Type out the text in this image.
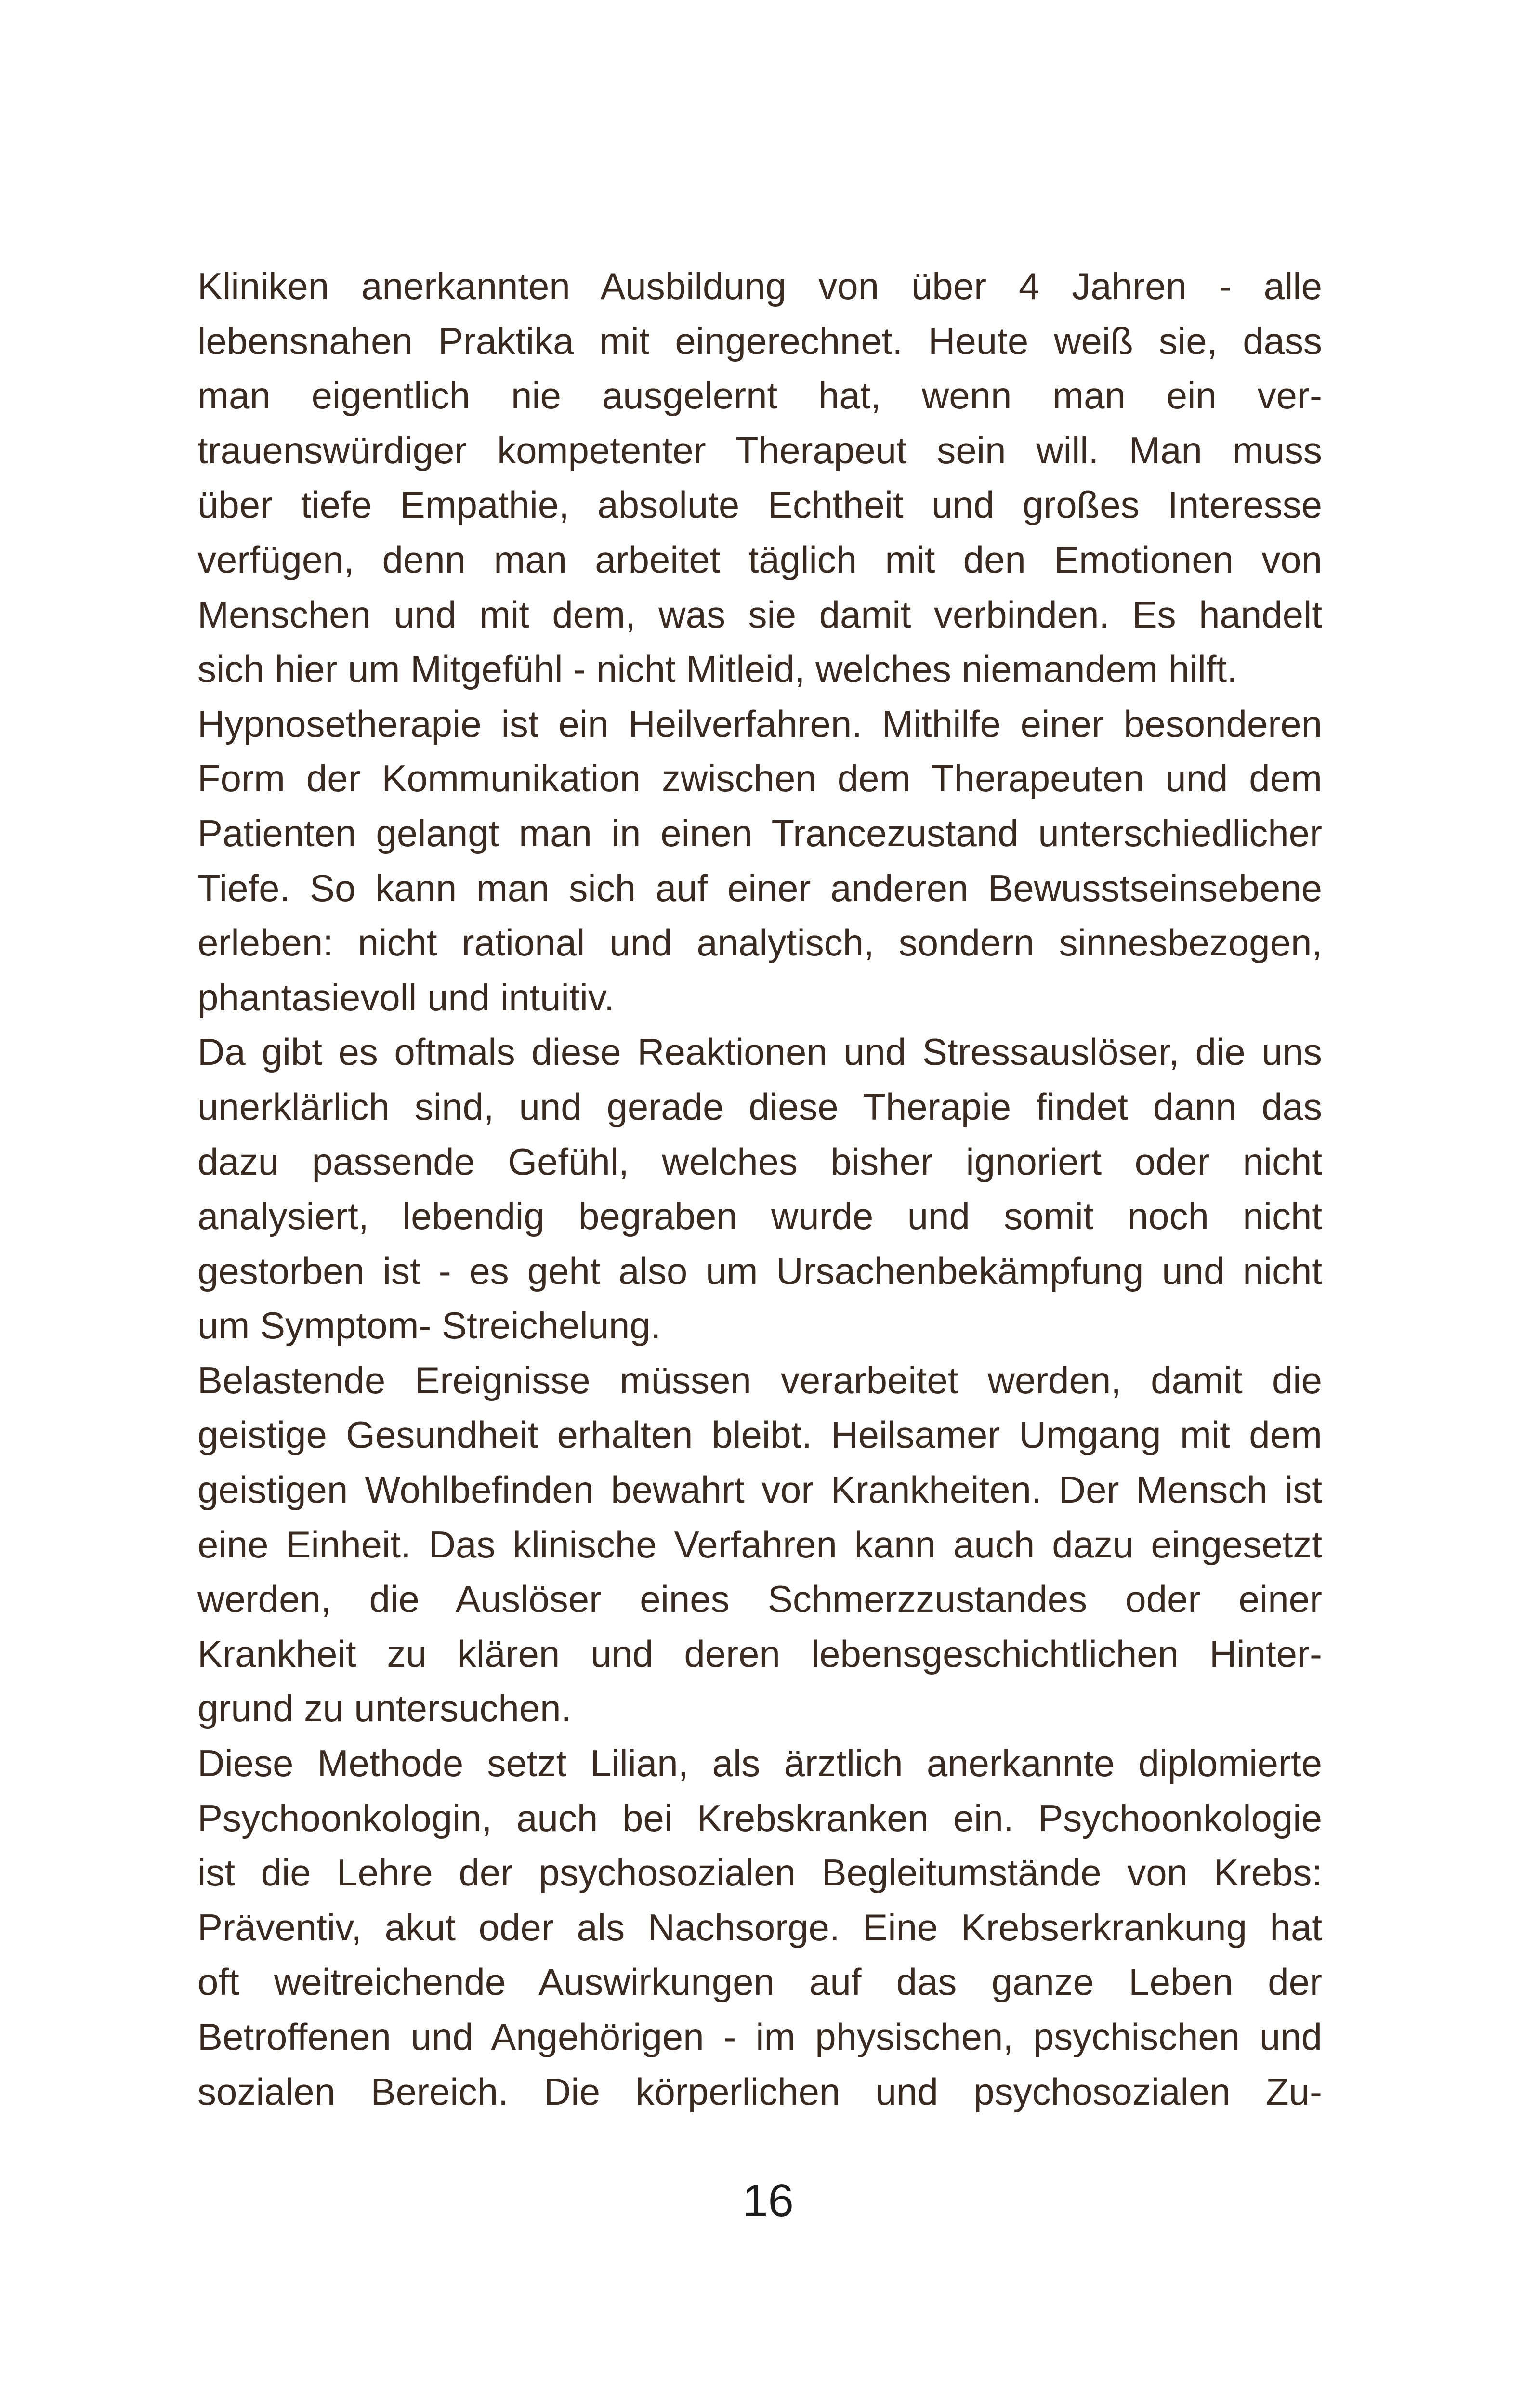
Kliniken anerkannten Ausbildung von über 4 Jahren - alle
lebensnahen Praktika mit eingerechnet. Heute weiß sie, dass
man eigentlich nie ausgelernt hat, wenn man ein ver-
trauenswürdiger kompetenter Therapeut sein will. Man muss
über tiefe Empathie, absolute Echtheit und großes Interesse
verfügen, denn man arbeitet täglich mit den Emotionen von
Menschen und mit dem, was sie damit verbinden. Es handelt
sich hier um Mitgefühl - nicht Mitleid, welches niemandem hilft.
Hypnosetherapie ist ein Heilverfahren. Mithilfe einer besonderen
Form der Kommunikation zwischen dem Therapeuten und dem
Patienten gelangt man in einen Trancezustand unterschiedlicher
Tiefe. So kann man sich auf einer anderen Bewusstseinsebene
erleben: nicht rational und analytisch, sondern sinnesbezogen,
phantasievoll und intuitiv.
Da gibt es oftmals diese Reaktionen und Stressauslöser, die uns
unerklärlich sind, und gerade diese Therapie findet dann das
dazu passende Gefühl, welches bisher ignoriert oder nicht
analysiert, lebendig begraben wurde und somit noch nicht
gestorben ist - es geht also um Ursachenbekämpfung und nicht
um Symptom- Streichelung.
Belastende Ereignisse müssen verarbeitet werden, damit die
geistige Gesundheit erhalten bleibt. Heilsamer Umgang mit dem
geistigen Wohlbefinden bewahrt vor Krankheiten. Der Mensch ist
eine Einheit. Das klinische Verfahren kann auch dazu eingesetzt
werden, die Auslöser eines Schmerzzustandes oder einer
Krankheit zu klären und deren lebensgeschichtlichen Hinter-
grund zu untersuchen.
Diese Methode setzt Lilian, als ärztlich anerkannte diplomierte
Psychoonkologin, auch bei Krebskranken ein. Psychoonkologie
ist die Lehre der psychosozialen Begleitumstände von Krebs:
Präventiv, akut oder als Nachsorge. Eine Krebserkrankung hat
oft weitreichende Auswirkungen auf das ganze Leben der
Betroffenen und Angehörigen - im physischen, psychischen und
sozialen Bereich. Die körperlichen und psychosozialen Zu-
16
